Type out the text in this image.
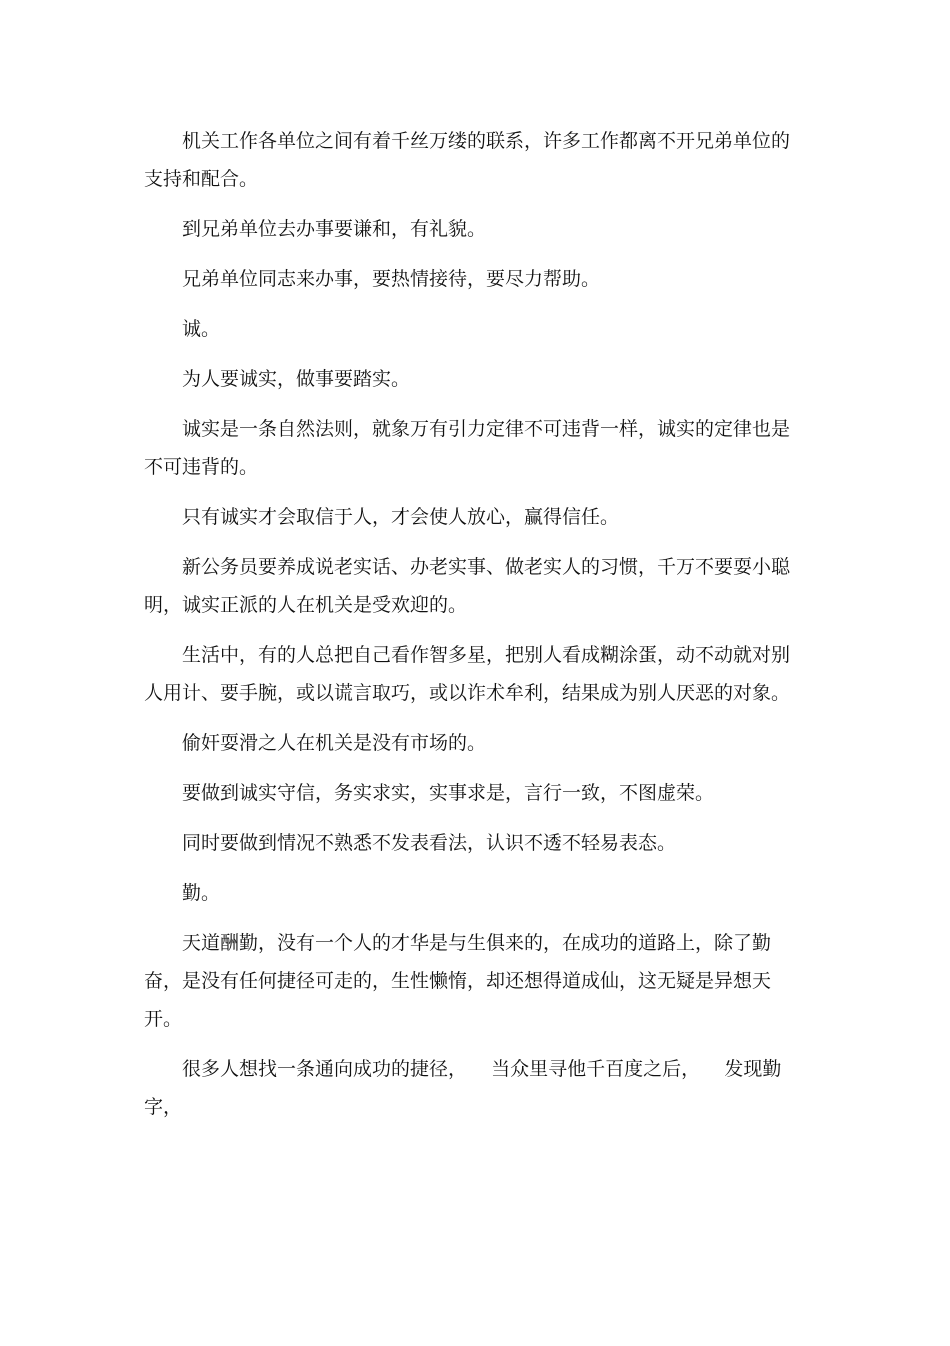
机关工作各单位之间有着千丝万缕的联系，许多工作都离不开兄弟单位的支持和配合。

到兄弟单位去办事要谦和，有礼貌。

兄弟单位同志来办事，要热情接待，要尽力帮助。

诚。

为人要诚实，做事要踏实。

诚实是一条自然法则，就象万有引力定律不可违背一样，诚实的定律也是不可违背的。

只有诚实才会取信于人，才会使人放心，赢得信任。

新公务员要养成说老实话、办老实事、做老实人的习惯，千万不要耍小聪明，诚实正派的人在机关是受欢迎的。

生活中，有的人总把自己看作智多星，把别人看成糊涂蛋，动不动就对别人用计、要手腕，或以谎言取巧，或以诈术牟利，结果成为别人厌恶的对象。

偷奸耍滑之人在机关是没有市场的。

要做到诚实守信，务实求实，实事求是，言行一致，不图虚荣。

同时要做到情况不熟悉不发表看法，认识不透不轻易表态。

勤。

天道酬勤，没有一个人的才华是与生俱来的，在成功的道路上，除了勤奋，是没有任何捷径可走的，生性懒惰，却还想得道成仙，这无疑是异想天开。

很多人想找一条通向成功的捷径，    当众里寻他千百度之后，    发现勤字，
